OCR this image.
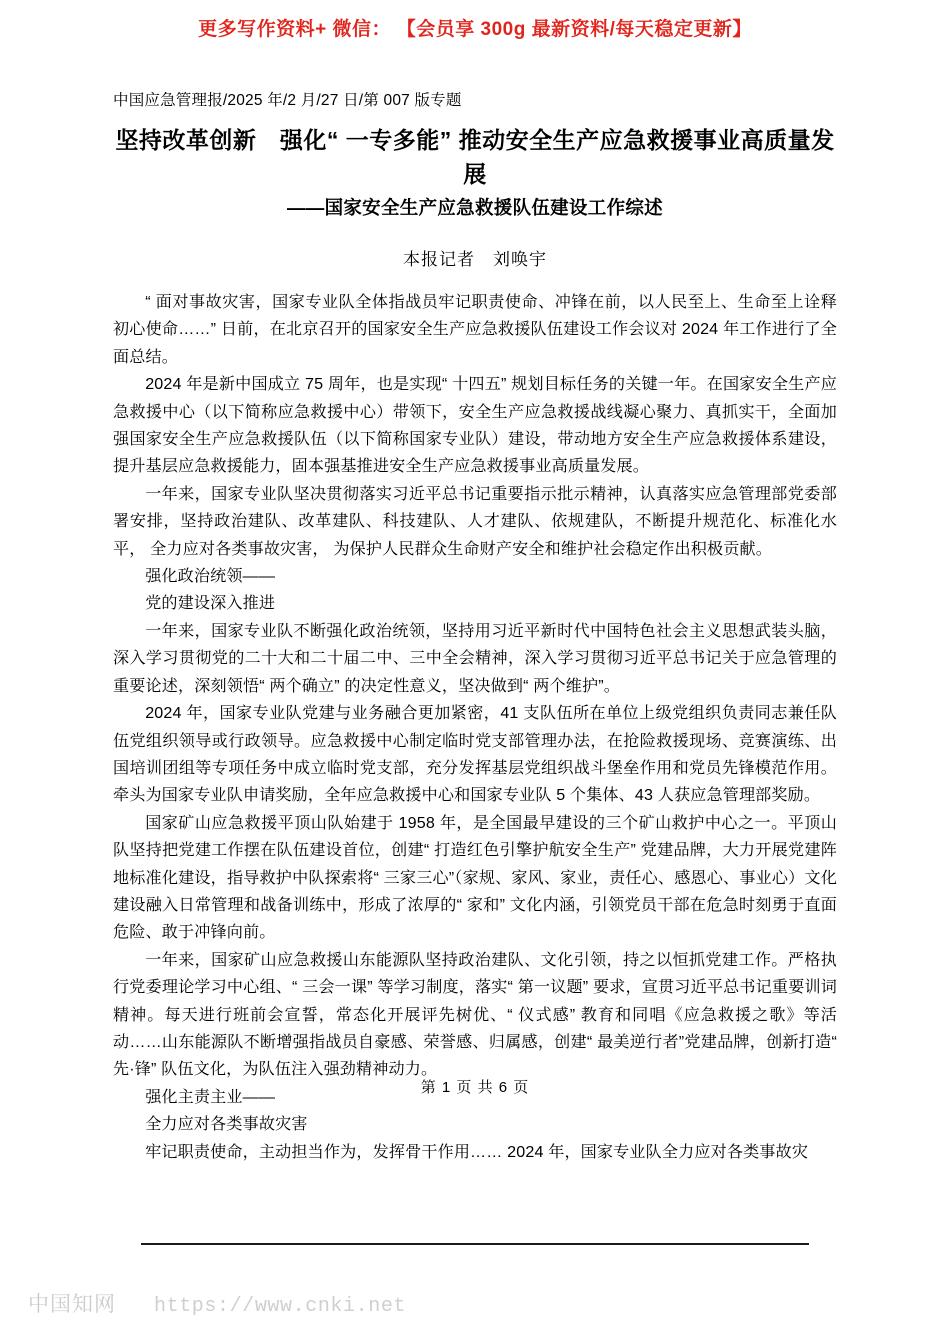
更多写作资料+ 微信： 【会员享 300g 最新资料/每天稳定更新】
中国应急管理报/2025 年/2 月/27 日/第 007 版专题
坚持改革创新　强化“ 一专多能” 推动安全生产应急救援事业高质量发展
——国家安全生产应急救援队伍建设工作综述
本报记者　刘唤宇

“ 面对事故灾害，国家专业队全体指战员牢记职责使命、冲锋在前，以人民至上、生命至上诠释初心使命……” 日前，在北京召开的国家安全生产应急救援队伍建设工作会议对 2024 年工作进行了全面总结。

2024 年是新中国成立 75 周年，也是实现“ 十四五” 规划目标任务的关键一年。在国家安全生产应急救援中心（以下简称应急救援中心）带领下，安全生产应急救援战线凝心聚力、真抓实干，全面加强国家安全生产应急救援队伍（以下简称国家专业队）建设，带动地方安全生产应急救援体系建设，提升基层应急救援能力，固本强基推进安全生产应急救援事业高质量发展。

一年来，国家专业队坚决贯彻落实习近平总书记重要指示批示精神，认真落实应急管理部党委部署安排，坚持政治建队、改革建队、科技建队、人才建队、依规建队，不断提升规范化、标准化水平， 全力应对各类事故灾害， 为保护人民群众生命财产安全和维护社会稳定作出积极贡献。

强化政治统领——

党的建设深入推进

一年来，国家专业队不断强化政治统领，坚持用习近平新时代中国特色社会主义思想武装头脑，深入学习贯彻党的二十大和二十届二中、三中全会精神，深入学习贯彻习近平总书记关于应急管理的重要论述，深刻领悟“ 两个确立” 的决定性意义，坚决做到“ 两个维护”。

2024 年，国家专业队党建与业务融合更加紧密，41 支队伍所在单位上级党组织负责同志兼任队伍党组织领导或行政领导。应急救援中心制定临时党支部管理办法，在抢险救援现场、竞赛演练、出国培训团组等专项任务中成立临时党支部，充分发挥基层党组织战斗堡垒作用和党员先锋模范作用。牵头为国家专业队申请奖励，全年应急救援中心和国家专业队 5 个集体、43 人获应急管理部奖励。

国家矿山应急救援平顶山队始建于 1958 年，是全国最早建设的三个矿山救护中心之一。平顶山队坚持把党建工作摆在队伍建设首位，创建“ 打造红色引擎护航安全生产” 党建品牌，大力开展党建阵地标准化建设，指导救护中队探索将“ 三家三心”（家规、家风、家业，责任心、感恩心、事业心）文化建设融入日常管理和战备训练中，形成了浓厚的“ 家和” 文化内涵，引领党员干部在危急时刻勇于直面危险、敢于冲锋向前。

一年来，国家矿山应急救援山东能源队坚持政治建队、文化引领，持之以恒抓党建工作。严格执行党委理论学习中心组、“ 三会一课” 等学习制度，落实“ 第一议题” 要求，宣贯习近平总书记重要训词精神。每天进行班前会宣誓，常态化开展评先树优、“ 仪式感” 教育和同唱《应急救援之歌》等活动……山东能源队不断增强指战员自豪感、荣誉感、归属感，创建“ 最美逆行者”党建品牌，创新打造“ 先·锋” 队伍文化，为队伍注入强劲精神动力。

强化主责主业——

全力应对各类事故灾害

牢记职责使命，主动担当作为，发挥骨干作用…… 2024 年，国家专业队全力应对各类事故灾

第 1 页 共 6 页
中国知网 https://www.cnki.net
